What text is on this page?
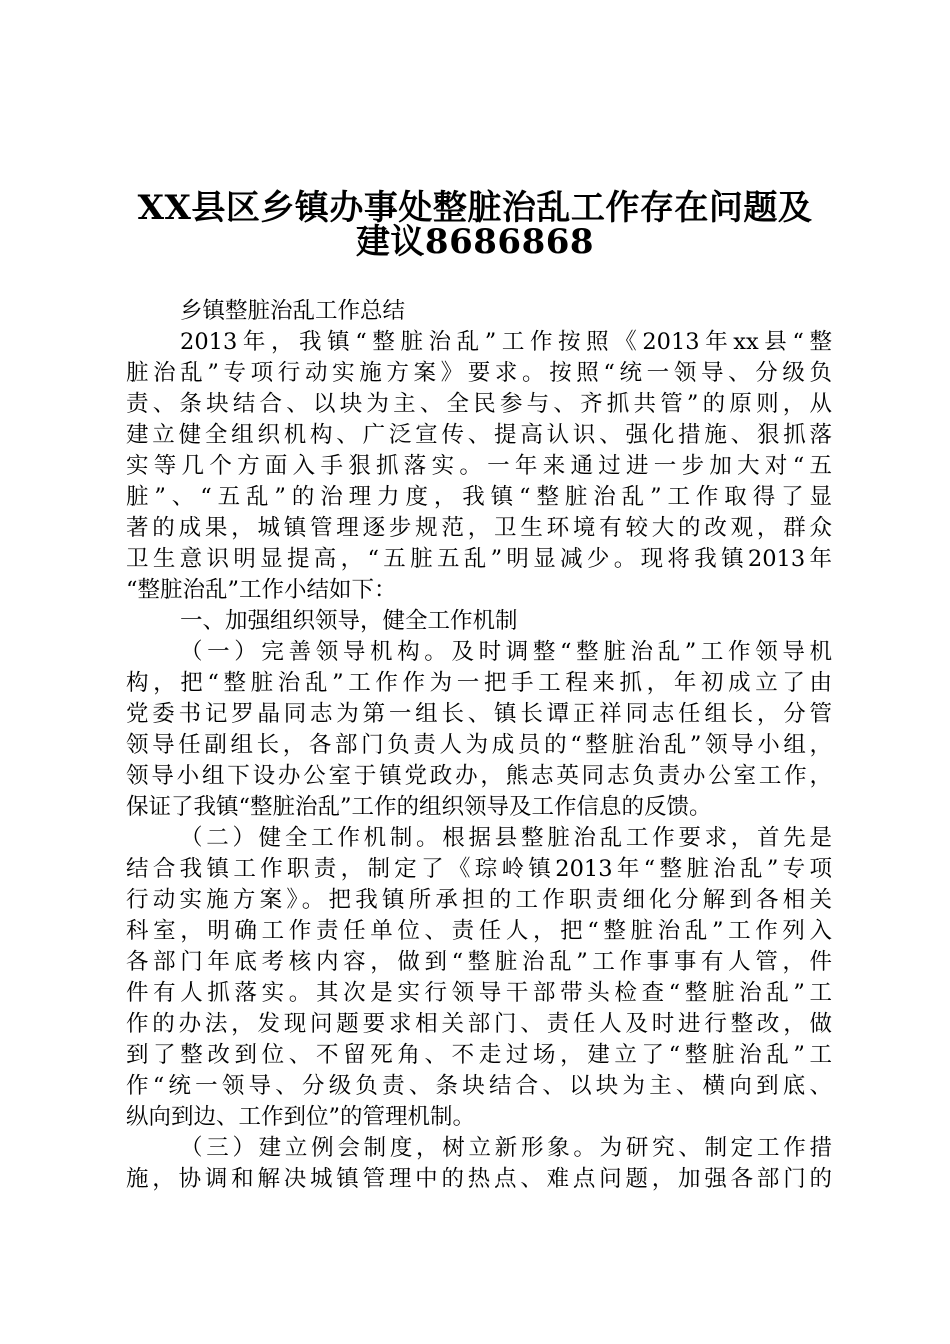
XX县区乡镇办事处整脏治乱工作存在问题及
建议8686868
乡镇整脏治乱工作总结
2013年，我镇“整脏治乱”工作按照《2013年xx县“整
脏治乱”专项行动实施方案》要求。按照“统一领导、分级负
责、条块结合、以块为主、全民参与、齐抓共管”的原则，从
建立健全组织机构、广泛宣传、提高认识、强化措施、狠抓落
实等几个方面入手狠抓落实。一年来通过进一步加大对“五
脏”、“五乱”的治理力度，我镇“整脏治乱”工作取得了显
著的成果，城镇管理逐步规范，卫生环境有较大的改观，群众
卫生意识明显提高，“五脏五乱”明显减少。现将我镇2013年
“整脏治乱”工作小结如下：
一、加强组织领导，健全工作机制
（一）完善领导机构。及时调整“整脏治乱”工作领导机
构，把“整脏治乱”工作作为一把手工程来抓，年初成立了由
党委书记罗晶同志为第一组长、镇长谭正祥同志任组长，分管
领导任副组长，各部门负责人为成员的“整脏治乱”领导小组，
领导小组下设办公室于镇党政办，熊志英同志负责办公室工作，
保证了我镇“整脏治乱”工作的组织领导及工作信息的反馈。
（二）健全工作机制。根据县整脏治乱工作要求，首先是
结合我镇工作职责，制定了《琮岭镇2013年“整脏治乱”专项
行动实施方案》。把我镇所承担的工作职责细化分解到各相关
科室，明确工作责任单位、责任人，把“整脏治乱”工作列入
各部门年底考核内容，做到“整脏治乱”工作事事有人管，件
件有人抓落实。其次是实行领导干部带头检查“整脏治乱”工
作的办法，发现问题要求相关部门、责任人及时进行整改，做
到了整改到位、不留死角、不走过场，建立了“整脏治乱”工
作“统一领导、分级负责、条块结合、以块为主、横向到底、
纵向到边、工作到位”的管理机制。
（三）建立例会制度，树立新形象。为研究、制定工作措
施，协调和解决城镇管理中的热点、难点问题，加强各部门的
